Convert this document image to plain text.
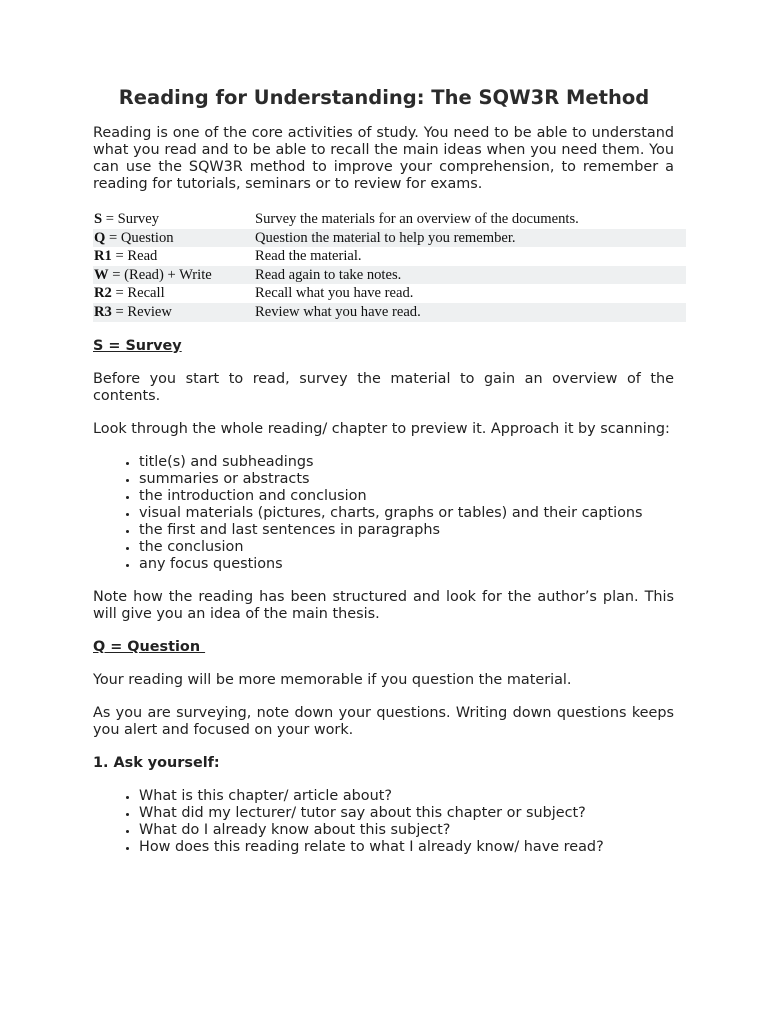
Reading for Understanding: The SQW3R Method

Reading is one of the core activities of study. You need to be able to understand what you read and to be able to recall the main ideas when you need them. You can use the SQW3R method to improve your comprehension, to remember a reading for tutorials, seminars or to review for exams.

S = Survey	Survey the materials for an overview of the documents.
Q = Question	Question the material to help you remember.
R1 = Read	Read the material.
W = (Read) + Write	Read again to take notes.
R2 = Recall	Recall what you have read.
R3 = Review	Review what you have read.
S = Survey

Before you start to read, survey the material to gain an overview of the contents.

Look through the whole reading/ chapter to preview it. Approach it by scanning:

• title(s) and subheadings
• summaries or abstracts
• the introduction and conclusion
• visual materials (pictures, charts, graphs or tables) and their captions
• the first and last sentences in paragraphs
• the conclusion
• any focus questions

Note how the reading has been structured and look for the author’s plan. This will give you an idea of the main thesis.

Q = Question

Your reading will be more memorable if you question the material.

As you are surveying, note down your questions. Writing down questions keeps you alert and focused on your work.

1. Ask yourself:
• What is this chapter/ article about?
• What did my lecturer/ tutor say about this chapter or subject?
• What do I already know about this subject?
• How does this reading relate to what I already know/ have read?
